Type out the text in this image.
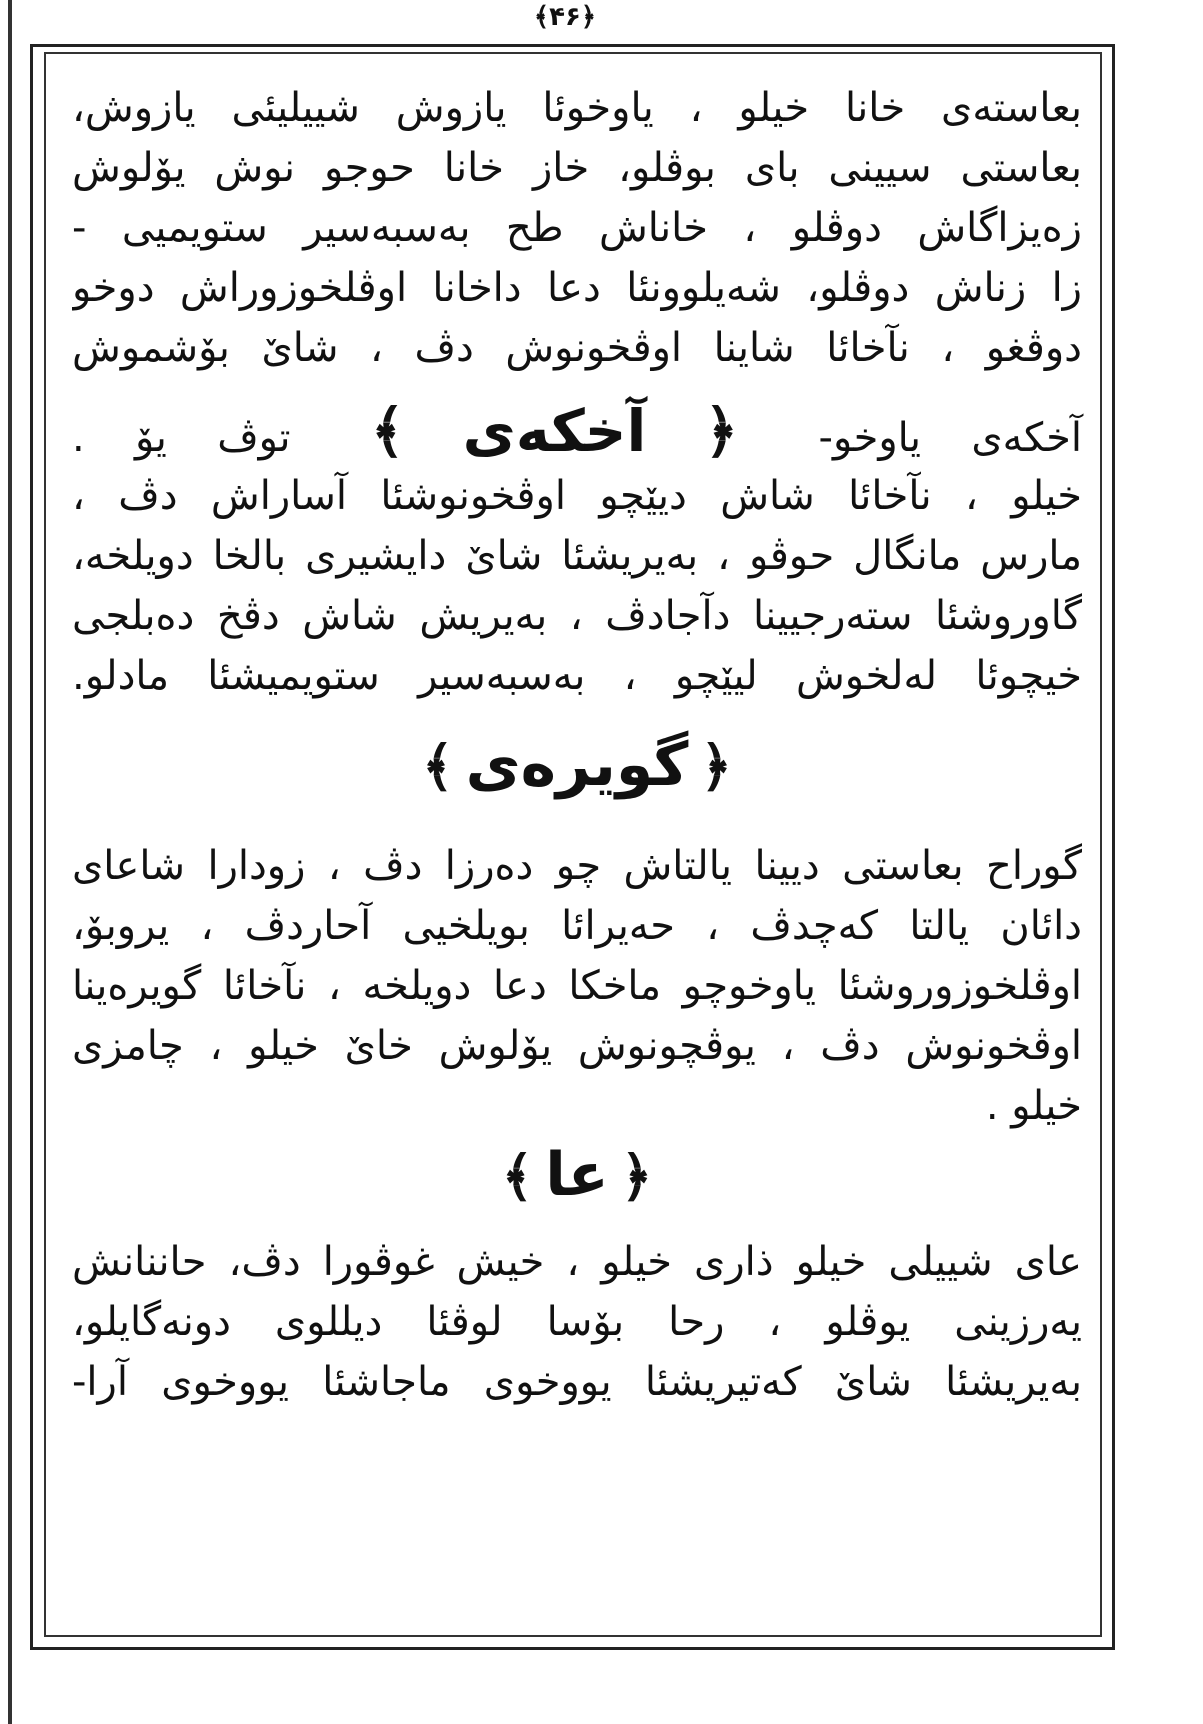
﴾۴۶﴿
بعاستەی خانا خیلو ، یاوخوئا یازوش شییلیئی یازوش،
بعاستی سیینی بای بوڤلو، خاز خانا حوجو نوش یۆلوش
زەیزاگاش دوڤلو ، خاناش طح بەسبەسیر ستویمیی -
زا زناش دوڤلو، شەیلوونئا دعا داخانا اوڤلخوزوراش دوخو
دوڤغو ، نآخائا شاینا اوڤخونوش دڤ ، شاێ بۆشموش
آخکەی یاوخو- ﴿ آخکەی ﴾ توڤ یۆ .
خیلو ، نآخائا شاش دیێچو اوڤخونوشئا آساراش دڤ ،
مارس مانگال حوڤو ، بەیریشئا شاێ دایشیری بالخا دویلخه،
گاوروشئا ستەرجیینا دآجادڤ ، بەیریش شاش دڤخ دەبلجی
خیچوئا لەلخوش لیێچو ، بەسبەسیر ستویمیشئا مادلو.
﴿گویرەی﴾
گوراح بعاستی دیینا یالتاش چو دەرزا دڤ ، زودارا شاعای
دائان یالتا کەچدڤ ، حەیرائا بویلخیی آحاردڤ ، یروبۆ،
اوڤلخوزوروشئا یاوخوچو ماخکا دعا دویلخه ، نآخائا گویرەینا
اوڤخونوش دڤ ، یوڤچونوش یۆلوش خاێ خیلو ، چامزی
خیلو .
﴿عا﴾
عای شییلی خیلو ذاری خیلو ، خیش غوڤورا دڤ، حاننانش
یەرزینی یوڤلو ، رحا بۆسا لوڤئا دیللوی دونەگایلو،
بەیریشئا شاێ کەتیریشئا یووخوی ماجاشئا یووخوی آرا-
